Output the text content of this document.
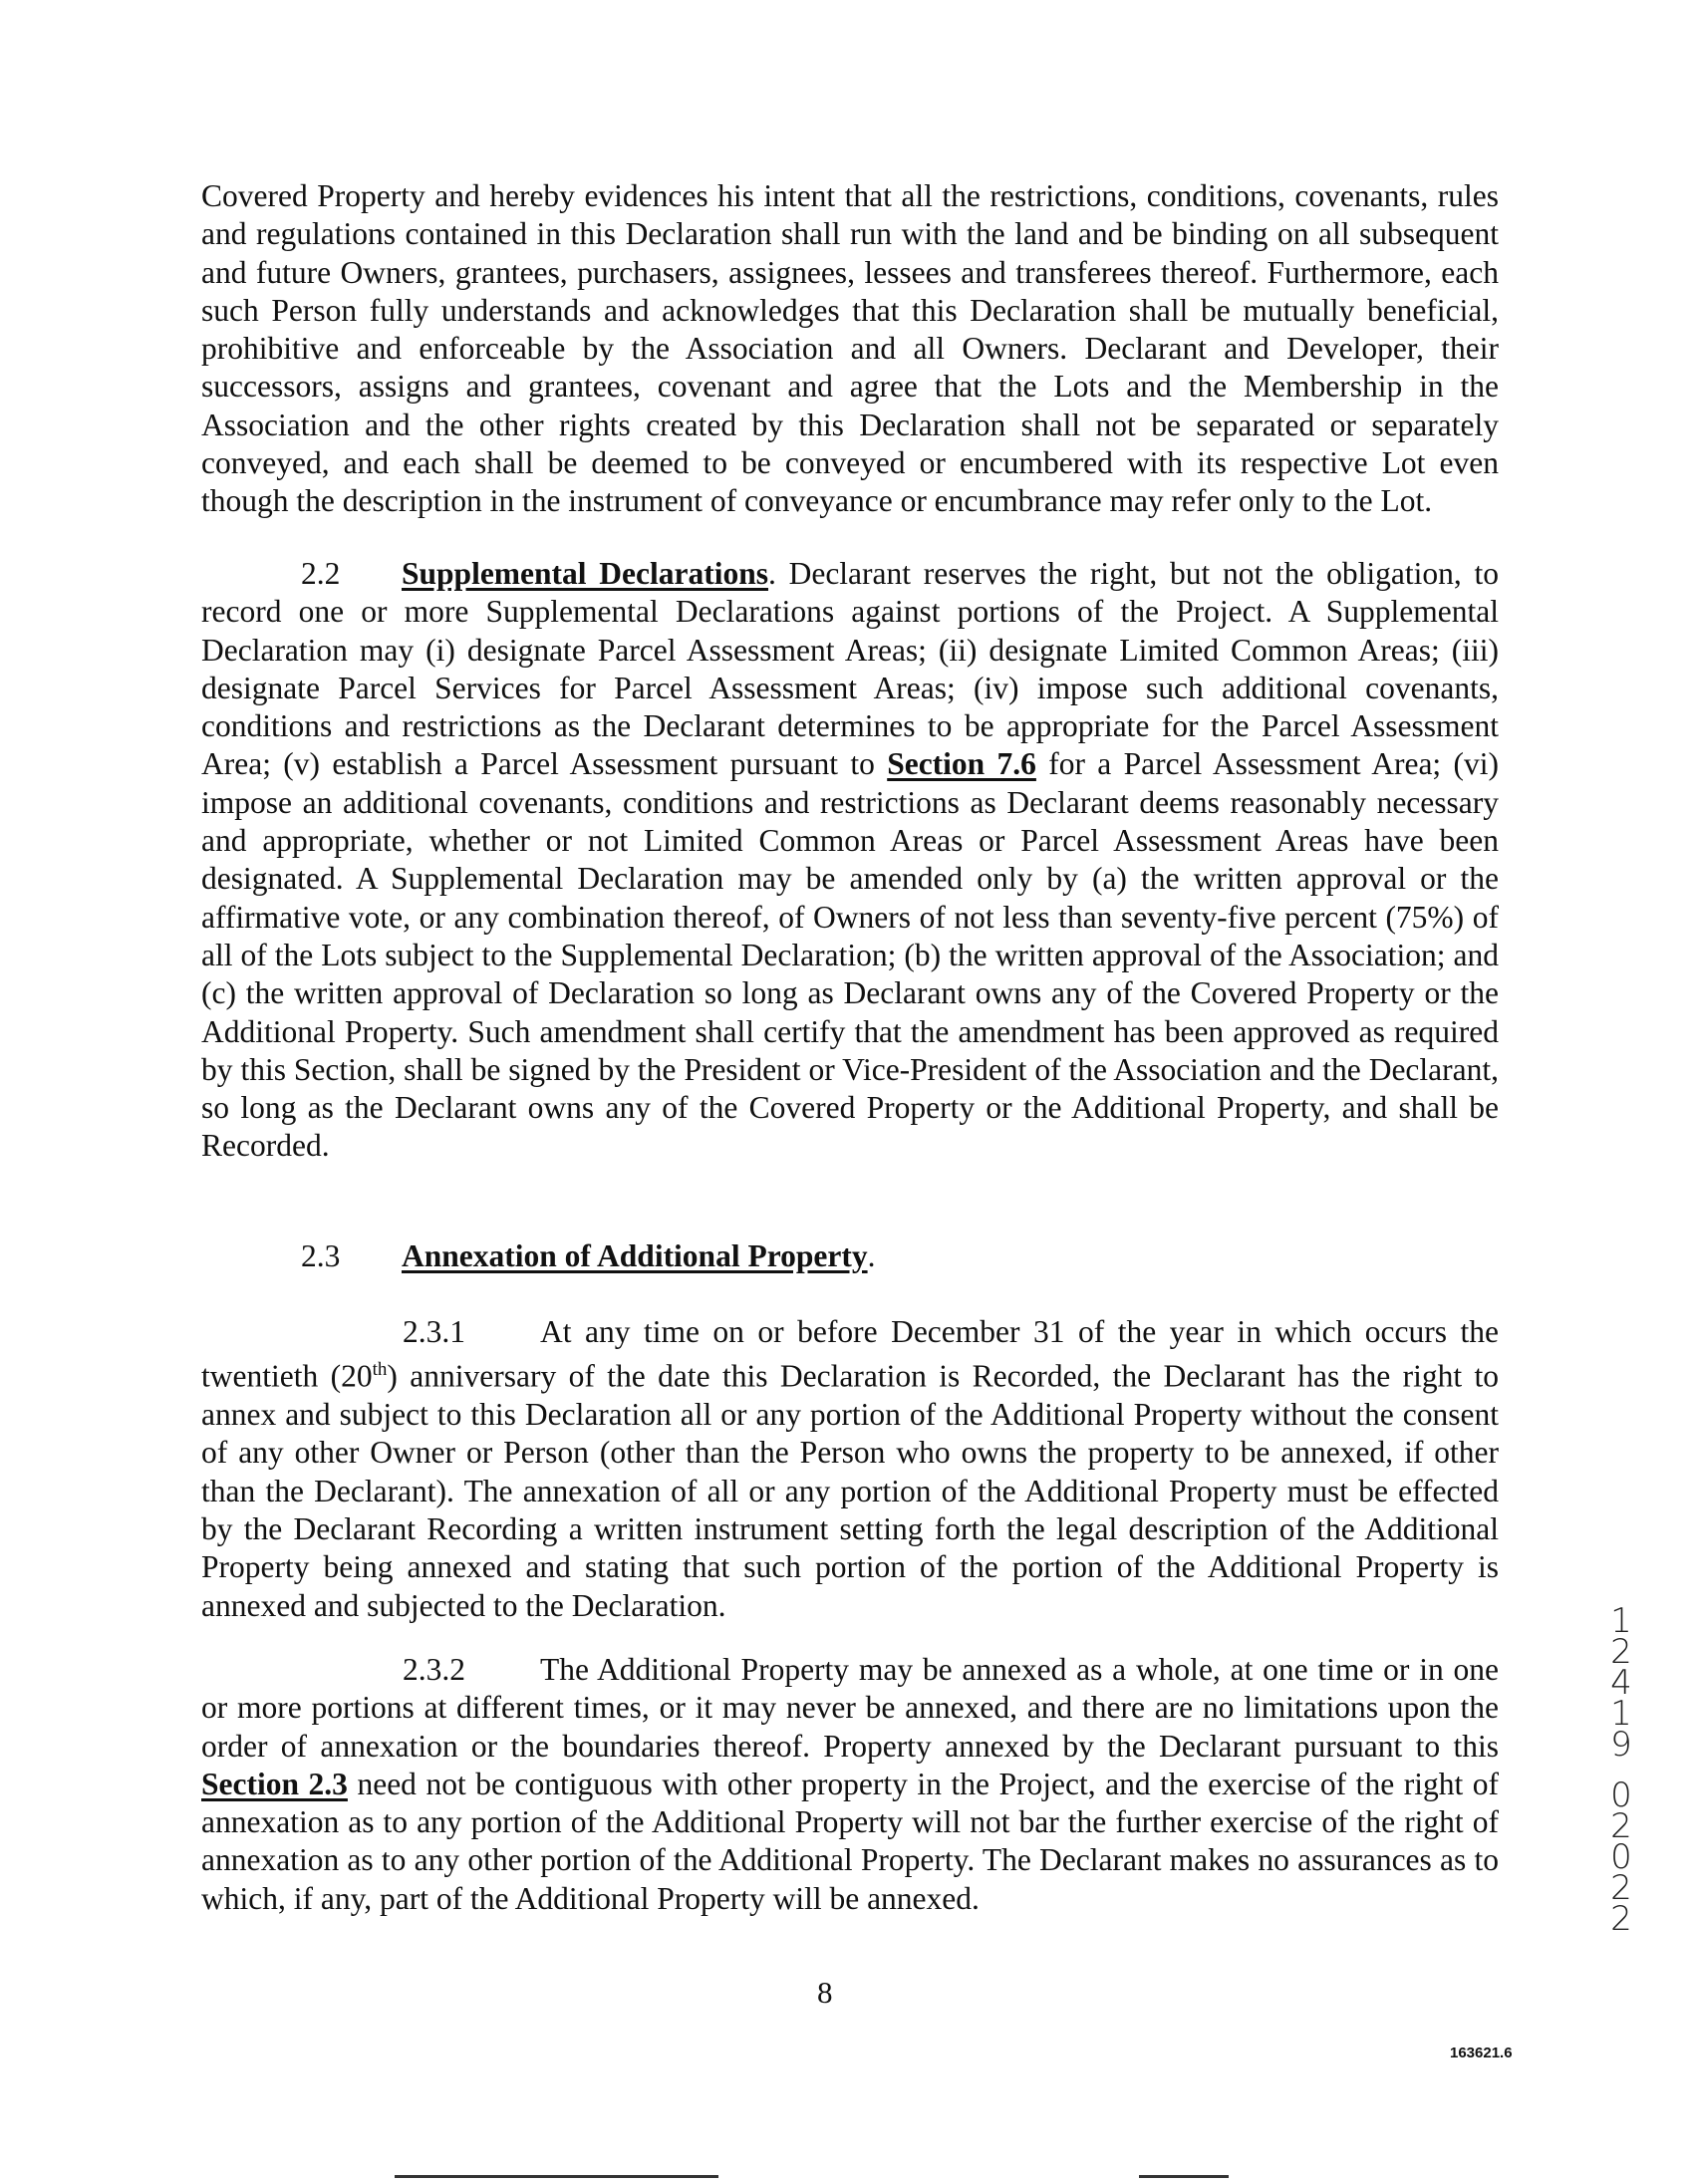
Covered Property and hereby evidences his intent that all the restrictions, conditions, covenants, rules and regulations contained in this Declaration shall run with the land and be binding on all subsequent and future Owners, grantees, purchasers, assignees, lessees and transferees thereof. Furthermore, each such Person fully understands and acknowledges that this Declaration shall be mutually beneficial, prohibitive and enforceable by the Association and all Owners. Declarant and Developer, their successors, assigns and grantees, covenant and agree that the Lots and the Membership in the Association and the other rights created by this Declaration shall not be separated or separately conveyed, and each shall be deemed to be conveyed or encumbered with its respective Lot even though the description in the instrument of conveyance or encumbrance may refer only to the Lot.

2.2 Supplemental Declarations. Declarant reserves the right, but not the obligation, to record one or more Supplemental Declarations against portions of the Project. A Supplemental Declaration may (i) designate Parcel Assessment Areas; (ii) designate Limited Common Areas; (iii) designate Parcel Services for Parcel Assessment Areas; (iv) impose such additional covenants, conditions and restrictions as the Declarant determines to be appropriate for the Parcel Assessment Area; (v) establish a Parcel Assessment pursuant to Section 7.6 for a Parcel Assessment Area; (vi) impose an additional covenants, conditions and restrictions as Declarant deems reasonably necessary and appropriate, whether or not Limited Common Areas or Parcel Assessment Areas have been designated. A Supplemental Declaration may be amended only by (a) the written approval or the affirmative vote, or any combination thereof, of Owners of not less than seventy-five percent (75%) of all of the Lots subject to the Supplemental Declaration; (b) the written approval of the Association; and (c) the written approval of Declaration so long as Declarant owns any of the Covered Property or the Additional Property. Such amendment shall certify that the amendment has been approved as required by this Section, shall be signed by the President or Vice-President of the Association and the Declarant, so long as the Declarant owns any of the Covered Property or the Additional Property, and shall be Recorded.

2.3 Annexation of Additional Property.

2.3.1 At any time on or before December 31 of the year in which occurs the twentieth (20th) anniversary of the date this Declaration is Recorded, the Declarant has the right to annex and subject to this Declaration all or any portion of the Additional Property without the consent of any other Owner or Person (other than the Person who owns the property to be annexed, if other than the Declarant). The annexation of all or any portion of the Additional Property must be effected by the Declarant Recording a written instrument setting forth the legal description of the Additional Property being annexed and stating that such portion of the portion of the Additional Property is annexed and subjected to the Declaration.

2.3.2 The Additional Property may be annexed as a whole, at one time or in one or more portions at different times, or it may never be annexed, and there are no limitations upon the order of annexation or the boundaries thereof. Property annexed by the Declarant pursuant to this Section 2.3 need not be contiguous with other property in the Project, and the exercise of the right of annexation as to any portion of the Additional Property will not bar the further exercise of the right of annexation as to any other portion of the Additional Property. The Declarant makes no assurances as to which, if any, part of the Additional Property will be annexed.

8
163621.6
1
2
4
1
9
0
2
0
2
2
